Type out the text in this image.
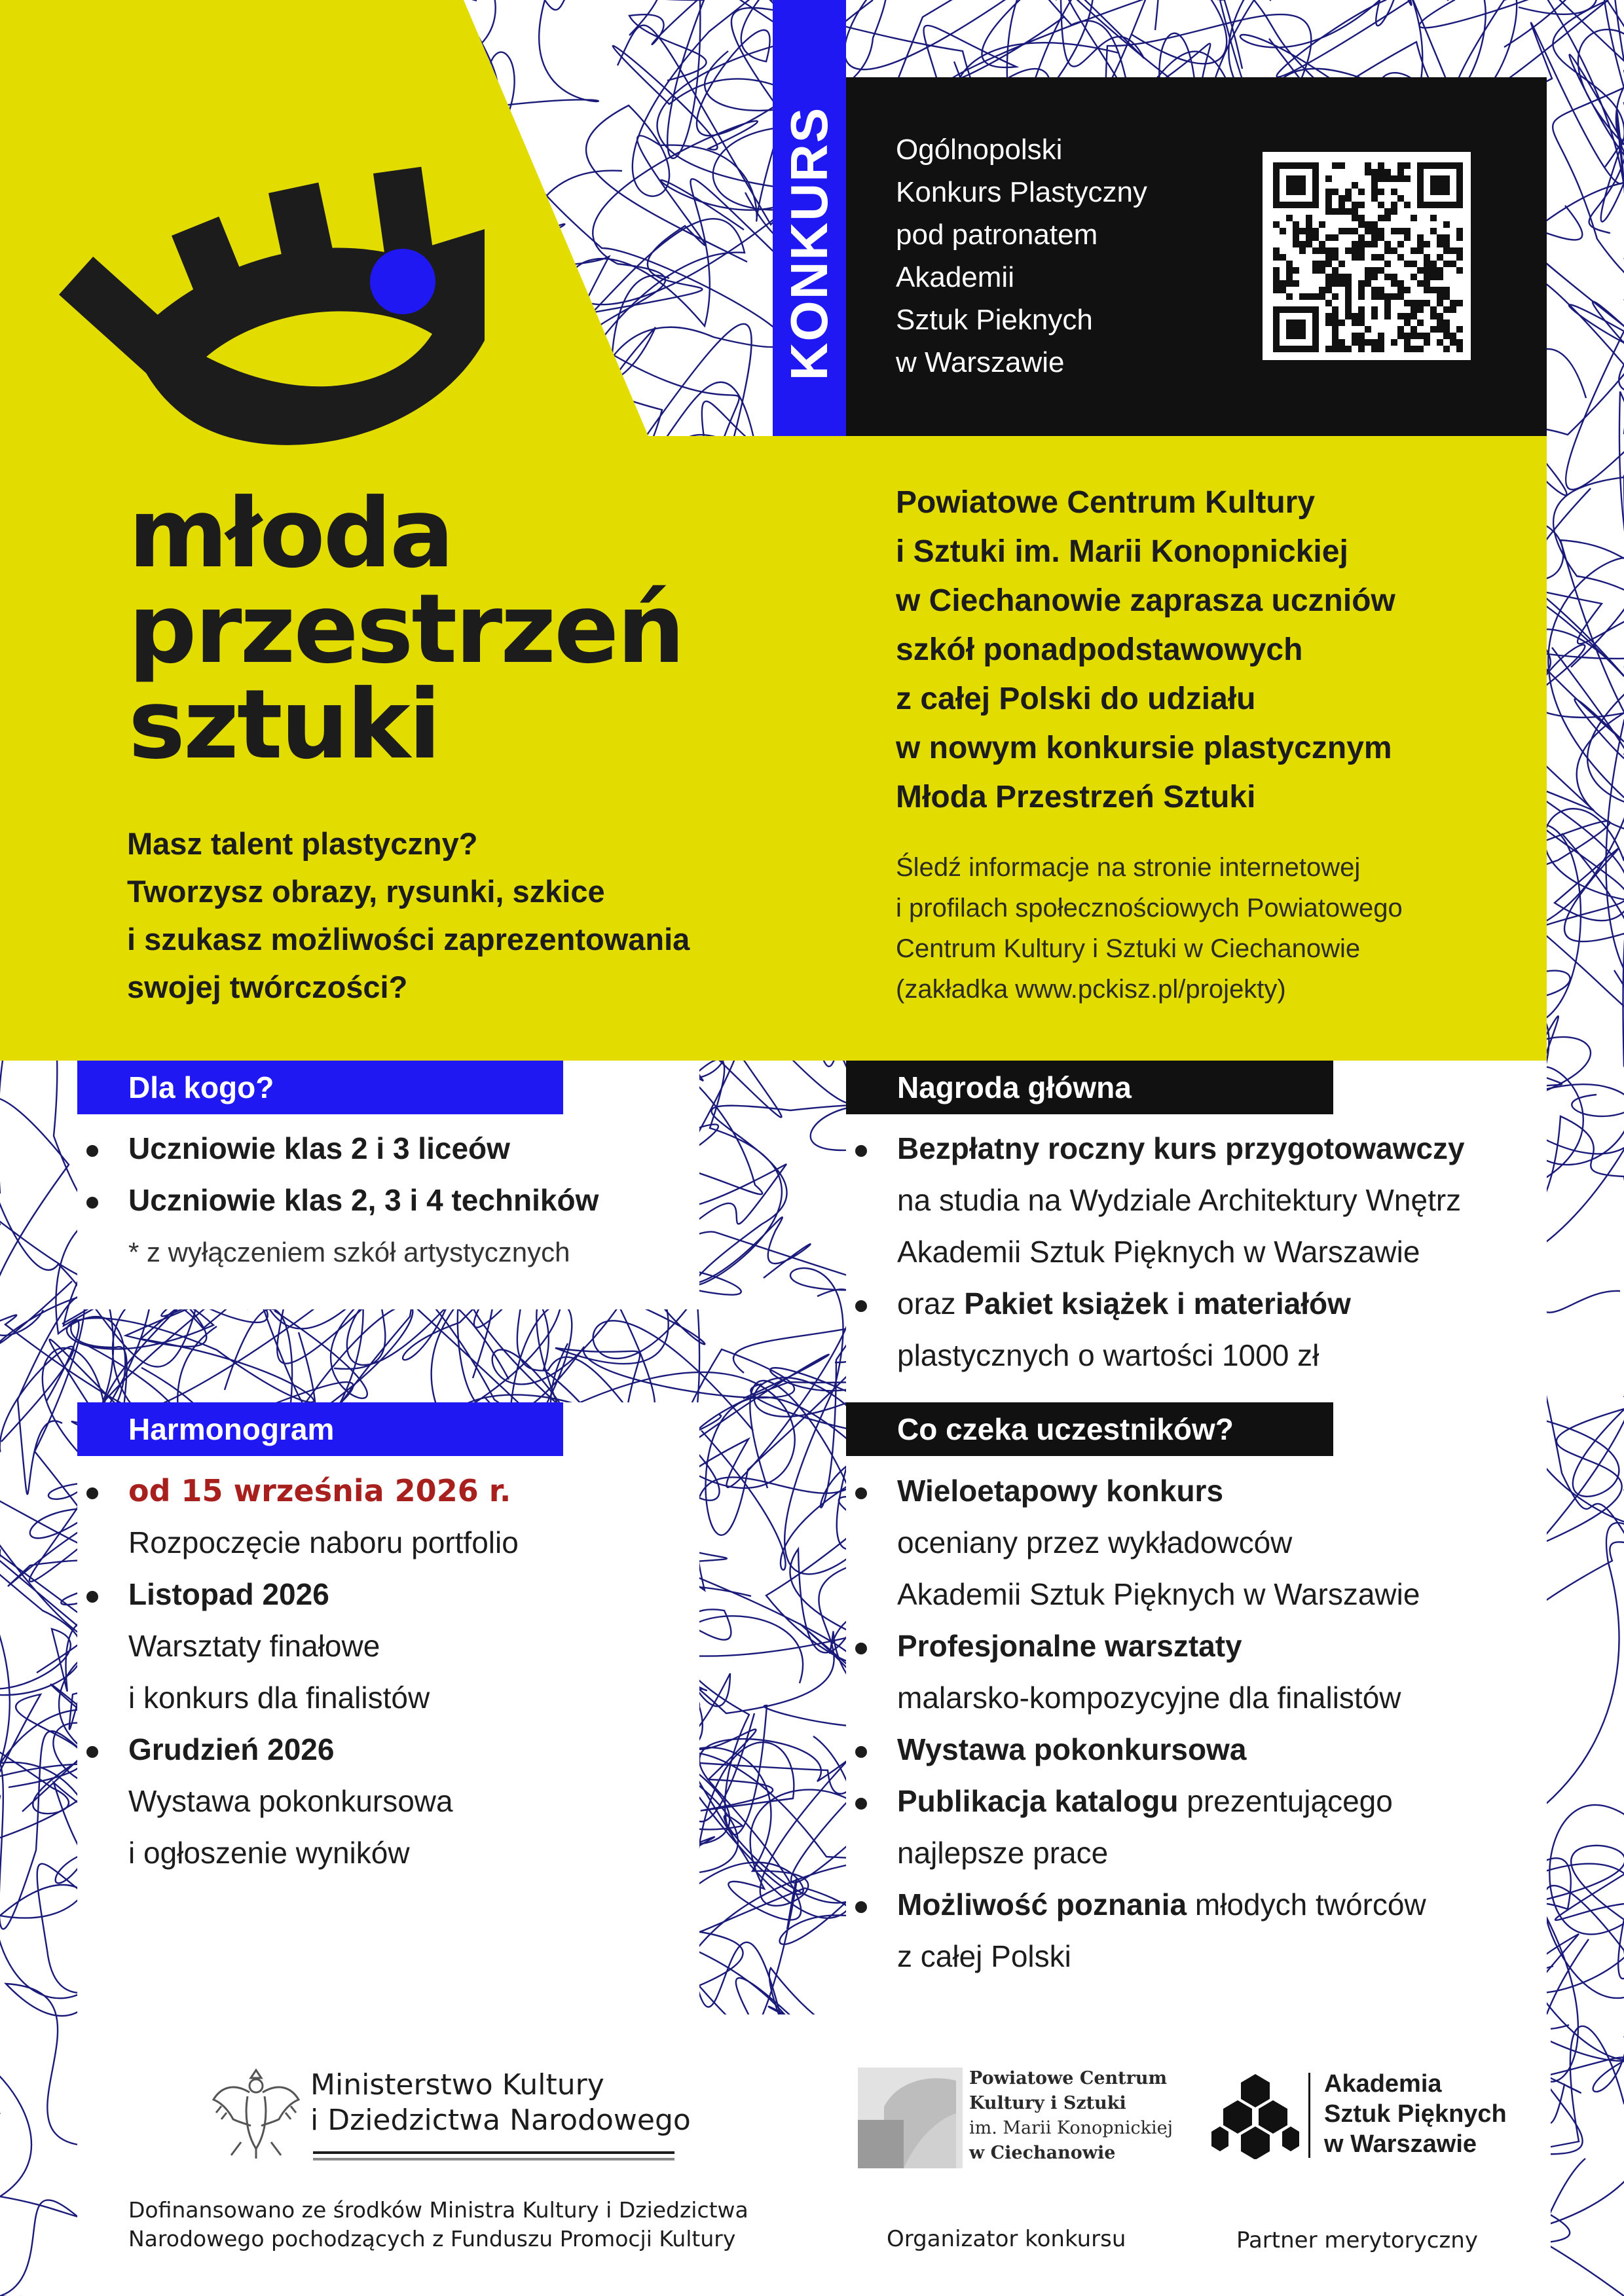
KONKURS Ogólnopolski
Konkurs Plastyczny
pod patronatem
Akademii
Sztuk Pieknych
w Warszawie
młoda
przestrzeń
sztuki
Masz talent plastyczny?
Tworzysz obrazy, rysunki, szkice
i szukasz możliwości zaprezentowania
swojej twórczości?
Powiatowe Centrum Kultury
i Sztuki im. Marii Konopnickiej
w Ciechanowie zaprasza uczniów
szkół ponadpodstawowych
z całej Polski do udziału
w nowym konkursie plastycznym
Młoda Przestrzeń Sztuki
Śledź informacje na stronie internetowej
i profilach społecznościowych Powiatowego
Centrum Kultury i Sztuki w Ciechanowie
(zakładka www.pckisz.pl/projekty)
Dla kogo?
Uczniowie klas 2 i 3 liceów
Uczniowie klas 2, 3 i 4 techników
* z wyłączeniem szkół artystycznych
Nagroda główna
Bezpłatny roczny kurs przygotowawczy
na studia na Wydziale Architektury Wnętrz
Akademii Sztuk Pięknych w Warszawie
oraz Pakiet książek i materiałów
plastycznych o wartości 1000 zł
Harmonogram
od 15 września 2026 r.
Rozpoczęcie naboru portfolio
Listopad 2026
Warsztaty finałowe
i konkurs dla finalistów
Grudzień 2026
Wystawa pokonkursowa
i ogłoszenie wyników
Co czeka uczestników?
Wieloetapowy konkurs
oceniany przez wykładowców
Akademii Sztuk Pięknych w Warszawie
Profesjonalne warsztaty
malarsko-kompozycyjne dla finalistów
Wystawa pokonkursowa
Publikacja katalogu prezentującego
najlepsze prace
Możliwość poznania młodych twórców
z całej Polski
Ministerstwo Kultury
i Dziedzictwa Narodowego
Dofinansowano ze środków Ministra Kultury i Dziedzictwa
Narodowego pochodzących z Funduszu Promocji Kultury
Powiatowe Centrum
Kultury i Sztuki
im. Marii Konopnickiej
w Ciechanowie
Organizator konkursu
Akademia
Sztuk Pięknych
w Warszawie
Partner merytoryczny
